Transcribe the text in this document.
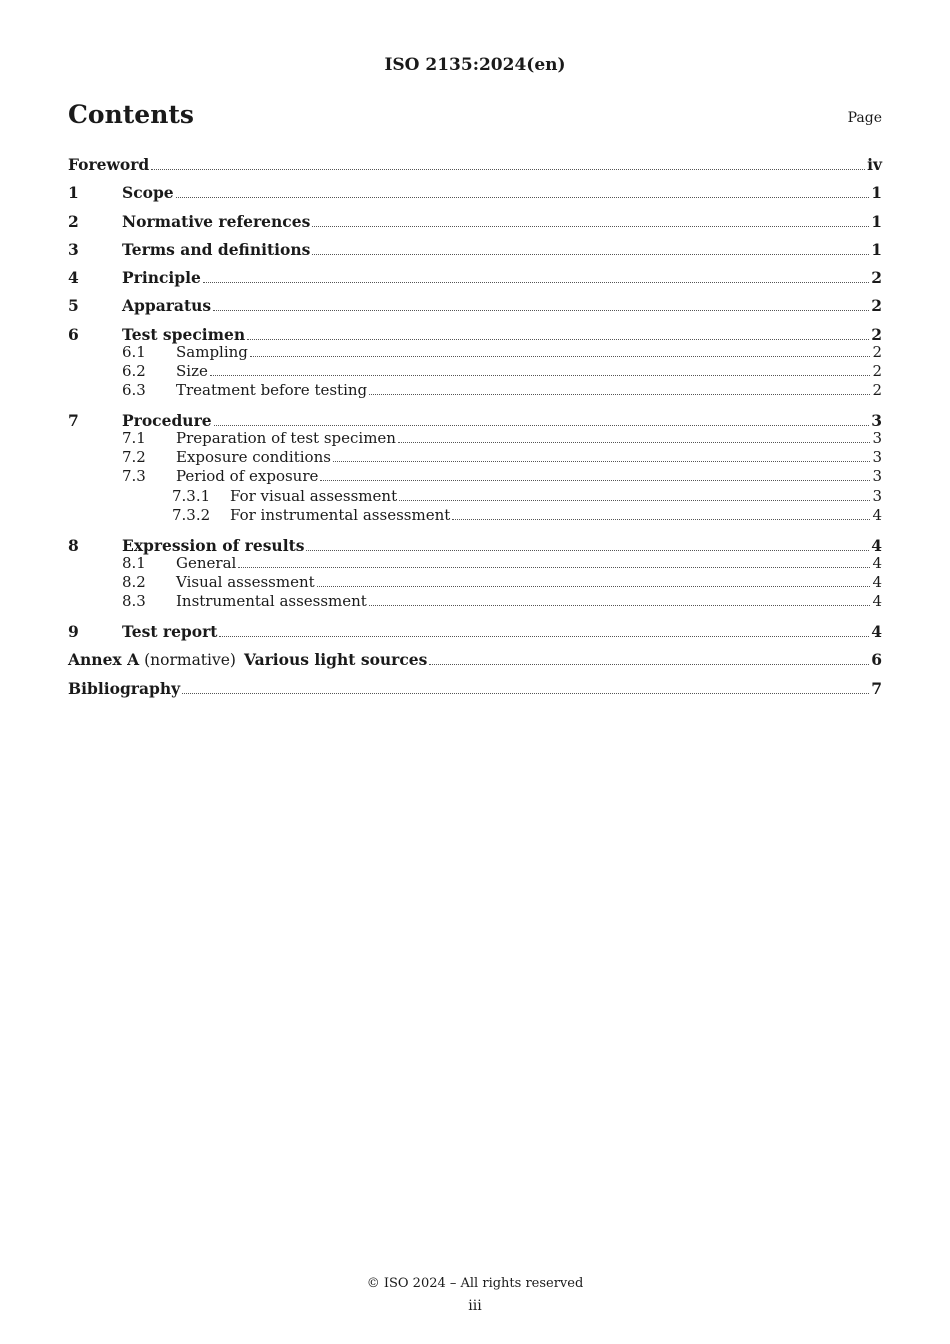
ISO 2135:2024(en)
Contents	Page
Foreword	iv
1	Scope	1
2	Normative references	1
3	Terms and definitions	1
4	Principle	2
5	Apparatus	2
6	Test specimen	2
6.1	Sampling	2
6.2	Size	2
6.3	Treatment before testing	2
7	Procedure	3
7.1	Preparation of test specimen	3
7.2	Exposure conditions	3
7.3	Period of exposure	3
7.3.1	For visual assessment	3
7.3.2	For instrumental assessment	4
8	Expression of results	4
8.1	General	4
8.2	Visual assessment	4
8.3	Instrumental assessment	4
9	Test report	4
Annex A (normative) Various light sources	6
Bibliography	7
© ISO 2024 – All rights reserved
iii
